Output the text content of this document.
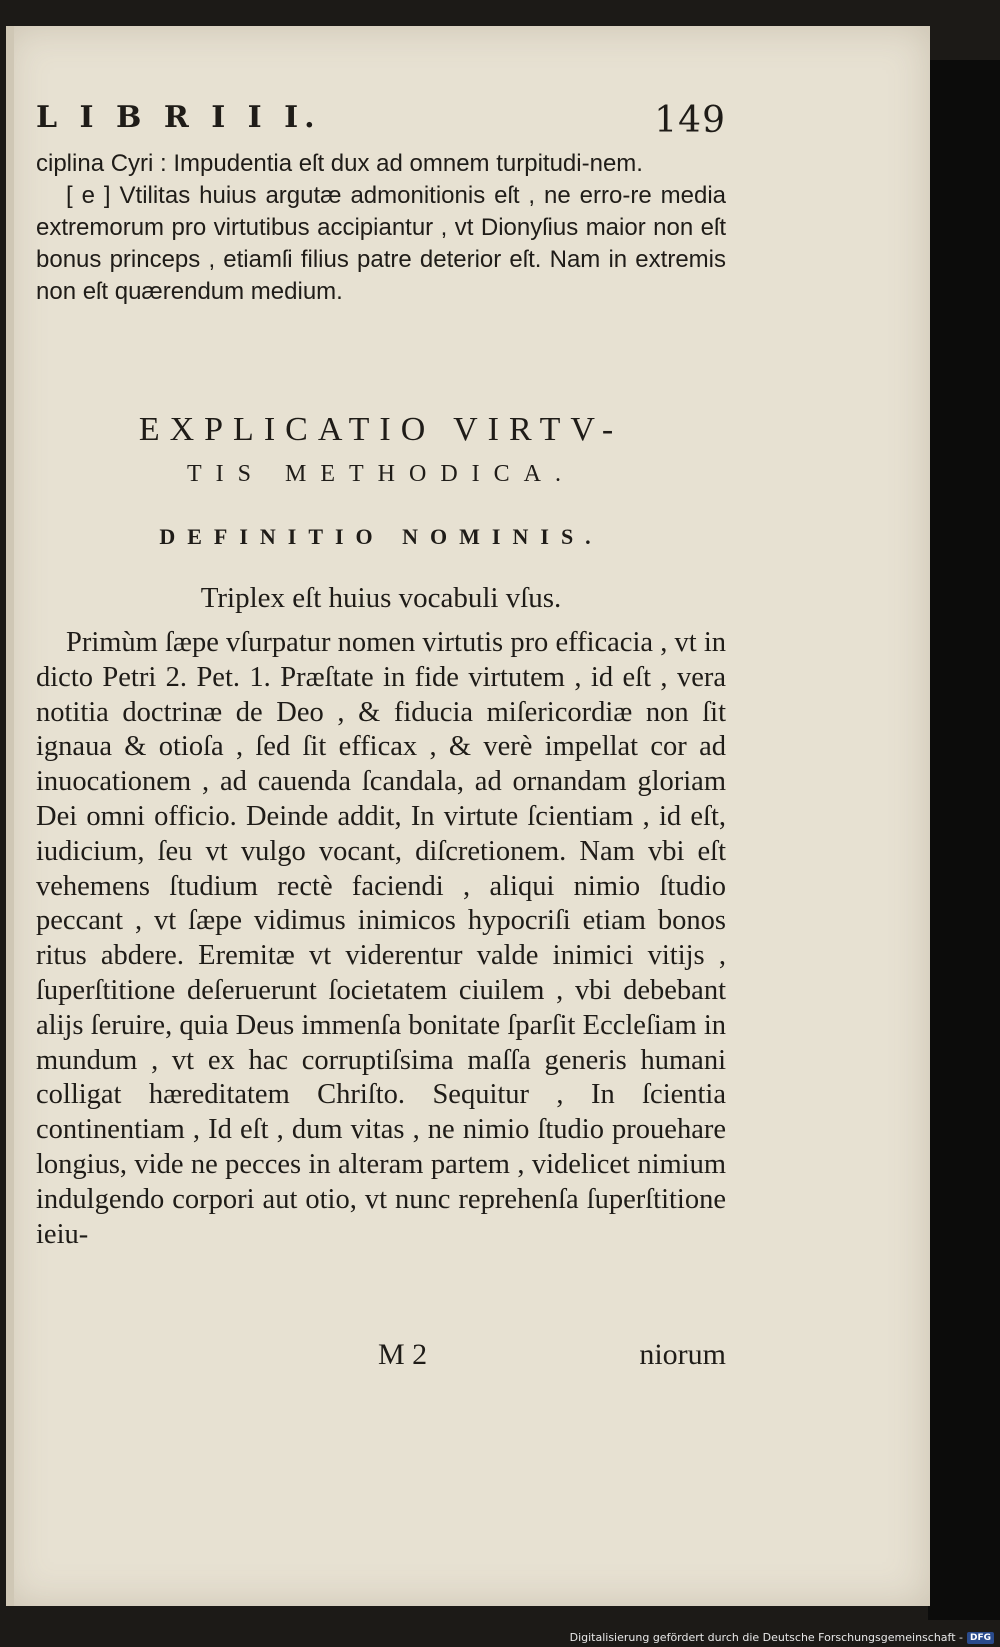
L I B R I I I.	149

ciplina Cyri : Impudentia eſt dux ad omnem turpitudi-nem.

[ e ] Vtilitas huius argutæ admonitionis eſt , ne erro-re media extremorum pro virtutibus accipiantur , vt Dionyſius maior non eſt bonus princeps , etiamſi filius patre deterior eſt. Nam in extremis non eſt quærendum medium.

EXPLICATIO VIRTV-
TIS METHODICA.
DEFINITIO NOMINIS.
Triplex eſt huius vocabuli vſus.

Primùm ſæpe vſurpatur nomen virtutis pro efficacia , vt in dicto Petri 2. Pet. 1. Præſtate in fide virtutem , id eſt , vera notitia doctrinæ de Deo , & fiducia miſericordiæ non ſit ignaua & otioſa , ſed ſit efficax , & verè impellat cor ad inuocationem , ad cauenda ſcandala, ad ornandam gloriam Dei omni officio. Deinde addit, In virtute ſcientiam , id eſt, iudicium, ſeu vt vulgo vocant, diſcretionem. Nam vbi eſt vehemens ſtudium rectè faciendi , aliqui nimio ſtudio peccant , vt ſæpe vidimus inimicos hypocriſi etiam bonos ritus abdere. Eremitæ vt viderentur valde inimici vitijs , ſuperſtitione deſeruerunt ſocietatem ciuilem , vbi debebant alijs ſeruire, quia Deus immenſa bonitate ſparſit Eccleſiam in mundum , vt ex hac corruptiſsima maſſa generis humani colligat hæreditatem Chriſto. Sequitur , In ſcientia continentiam , Id eſt , dum vitas , ne nimio ſtudio prouehare longius, vide ne pecces in alteram partem , videlicet nimium indulgendo corpori aut otio, vt nunc reprehenſa ſuperſtitione ieiu-

M 2	niorum
Digitalisierung gefördert durch die Deutsche Forschungsgemeinschaft - DFG
